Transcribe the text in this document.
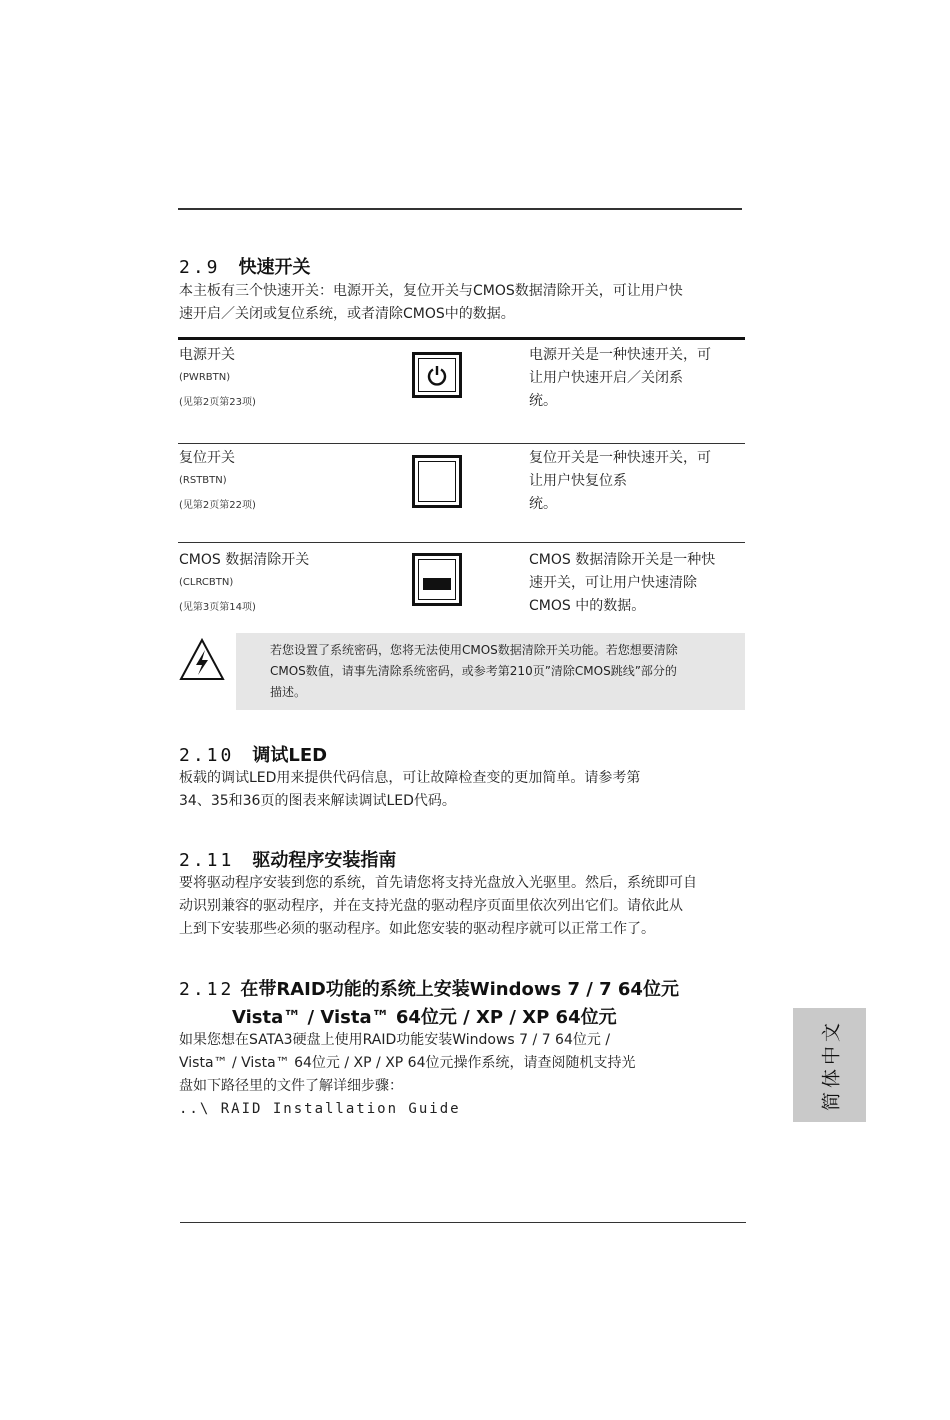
2.9 快速开关
本主板有三个快速开关：电源开关，复位开关与CMOS数据清除开关，可让用户快
速开启／关闭或复位系统，或者清除CMOS中的数据。
电源开关
(PWRBTN)
(见第2页第23项)
电源开关是一种快速开关，可
让用户快速开启／关闭系
统。
复位开关
(RSTBTN)
(见第2页第22项)
复位开关是一种快速开关，可
让用户快复位系
统。
CMOS 数据清除开关
(CLRCBTN)
(见第3页第14项)
CMOS 数据清除开关是一种快
速开关，可让用户快速清除
CMOS 中的数据。
若您设置了系统密码，您将无法使用CMOS数据清除开关功能。若您想要清除
CMOS数值，请事先清除系统密码，或参考第210页”清除CMOS跳线”部分的
描述。
2.10 调试LED
板载的调试LED用来提供代码信息，可让故障检查变的更加简单。请参考第
34、35和36页的图表来解读调试LED代码。
2.11 驱动程序安装指南
要将驱动程序安装到您的系统，首先请您将支持光盘放入光驱里。然后，系统即可自
动识别兼容的驱动程序，并在支持光盘的驱动程序页面里依次列出它们。请依此从
上到下安装那些必须的驱动程序。如此您安装的驱动程序就可以正常工作了。
2.12 在带RAID功能的系统上安装Windows 7 / 7 64位元
Vista™ / Vista™ 64位元 / XP / XP 64位元
如果您想在SATA3硬盘上使用RAID功能安装Windows 7 / 7 64位元 /
Vista™ / Vista™ 64位元 / XP / XP 64位元操作系统，请查阅随机支持光
盘如下路径里的文件了解详细步骤：
..\ RAID Installation Guide	简体中文
